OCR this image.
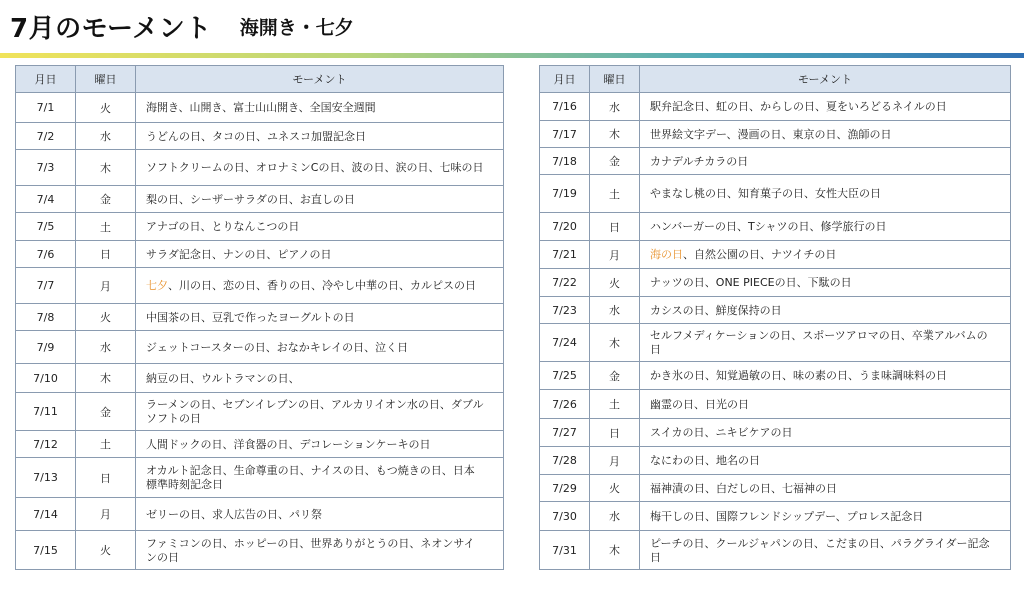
7月のモーメント 海開き・七夕
月日	曜日	モーメント
7/1	火	海開き、山開き、富士山山開き、全国安全週間
7/2	水	うどんの日、タコの日、ユネスコ加盟記念日
7/3	木	ソフトクリームの日、オロナミンCの日、波の日、涙の日、七味の日
7/4	金	梨の日、シーザーサラダの日、お直しの日
7/5	土	アナゴの日、とりなんこつの日
7/6	日	サラダ記念日、ナンの日、ピアノの日
7/7	月	七夕、川の日、恋の日、香りの日、冷やし中華の日、カルピスの日
7/8	火	中国茶の日、豆乳で作ったヨーグルトの日
7/9	水	ジェットコースターの日、おなかキレイの日、泣く日
7/10	木	納豆の日、ウルトラマンの日、
7/11	金	ラーメンの日、セブンイレブンの日、アルカリイオン水の日、ダブルソフトの日
7/12	土	人間ドックの日、洋食器の日、デコレーションケーキの日
7/13	日	オカルト記念日、生命尊重の日、ナイスの日、もつ焼きの日、日本標準時刻記念日
7/14	月	ゼリーの日、求人広告の日、パリ祭
7/15	火	ファミコンの日、ホッピーの日、世界ありがとうの日、ネオンサインの日
月日	曜日	モーメント
7/16	水	駅弁記念日、虹の日、からしの日、夏をいろどるネイルの日
7/17	木	世界絵文字デー、漫画の日、東京の日、漁師の日
7/18	金	カナデルチカラの日
7/19	土	やまなし桃の日、知育菓子の日、女性大臣の日
7/20	日	ハンバーガーの日、Tシャツの日、修学旅行の日
7/21	月	海の日、自然公園の日、ナツイチの日
7/22	火	ナッツの日、ONE PIECEの日、下駄の日
7/23	水	カシスの日、鮮度保持の日
7/24	木	セルフメディケーションの日、スポーツアロマの日、卒業アルバムの日
7/25	金	かき氷の日、知覚過敏の日、味の素の日、うま味調味料の日
7/26	土	幽霊の日、日光の日
7/27	日	スイカの日、ニキビケアの日
7/28	月	なにわの日、地名の日
7/29	火	福神漬の日、白だしの日、七福神の日
7/30	水	梅干しの日、国際フレンドシップデー、プロレス記念日
7/31	木	ピーチの日、クールジャパンの日、こだまの日、パラグライダー記念日
